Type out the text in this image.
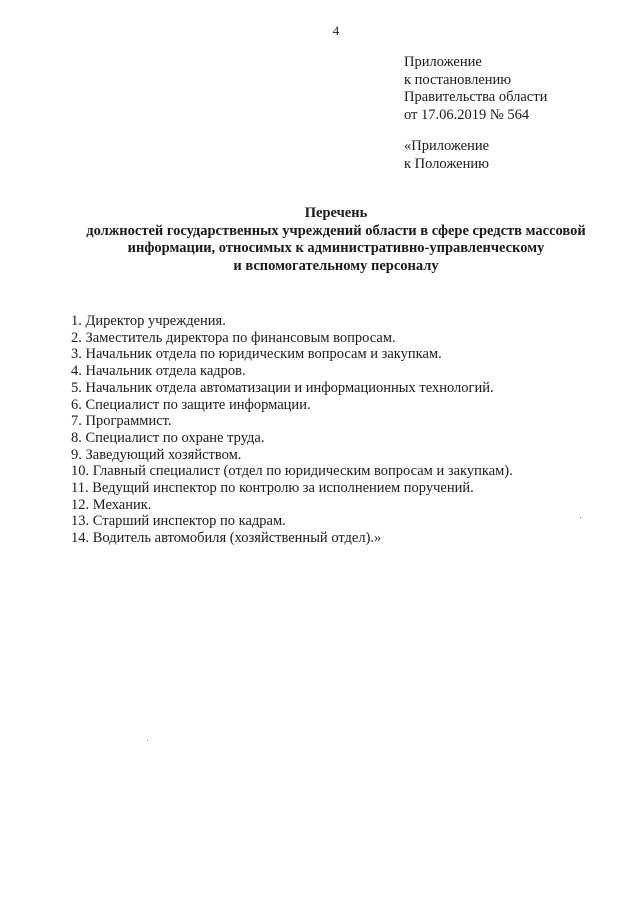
4
Приложение
к постановлению
Правительства области
от 17.06.2019 № 564
«Приложение
к Положению
Перечень
должностей государственных учреждений области в сфере средств массовой
информации, относимых к административно-управленческому
и вспомогательному персоналу
1. Директор учреждения.
2. Заместитель директора по финансовым вопросам.
3. Начальник отдела по юридическим вопросам и закупкам.
4. Начальник отдела кадров.
5. Начальник отдела автоматизации и информационных технологий.
6. Специалист по защите информации.
7. Программист.
8. Специалист по охране труда.
9. Заведующий хозяйством.
10. Главный специалист (отдел по юридическим вопросам и закупкам).
11. Ведущий инспектор по контролю за исполнением поручений.
12. Механик.
13. Старший инспектор по кадрам.
14. Водитель автомобиля (хозяйственный отдел).»
